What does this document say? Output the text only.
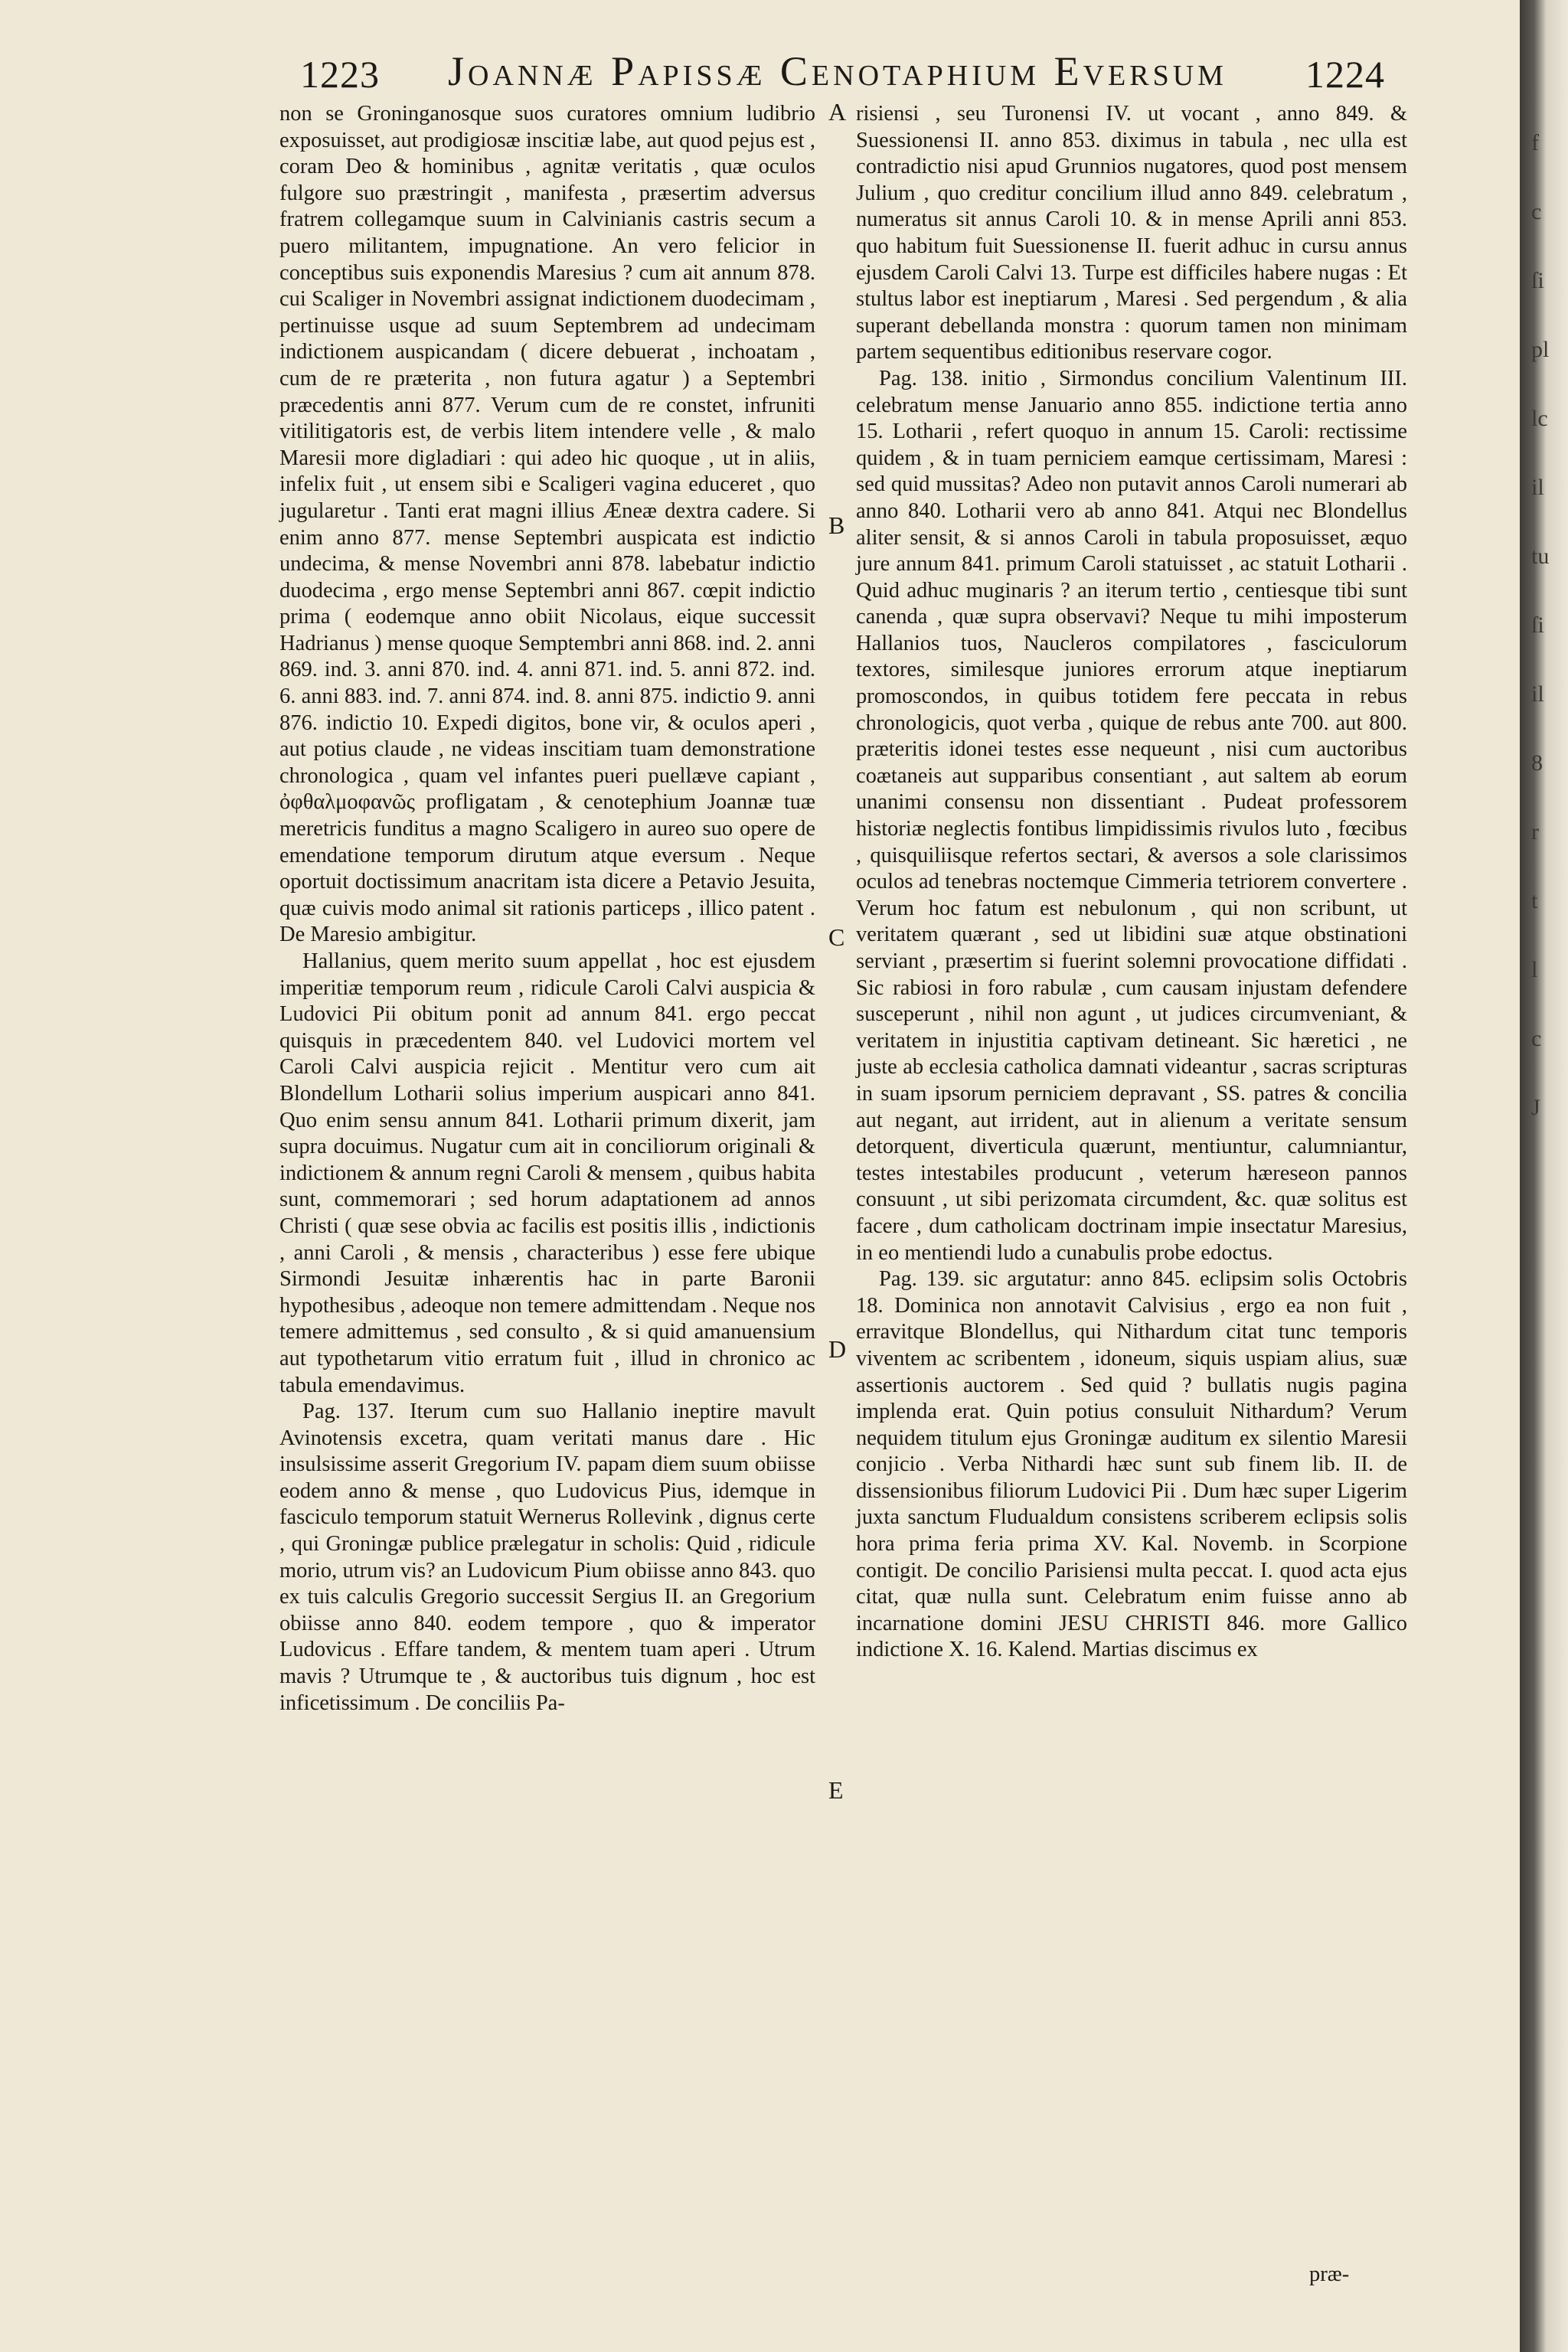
1223 Joannæ Papissæ Cenotaphium Eversum 1224

non se Groninganosque suos curatores omnium ludibrio exposuisset, aut prodigiosæ inscitiæ labe, aut quod pejus est , coram Deo & hominibus , agnitæ veritatis , quæ oculos fulgore suo præstringit , manifesta , præsertim adversus fratrem collegamque suum in Calvinianis castris secum a puero militantem, impugnatione. An vero felicior in conceptibus suis exponendis Maresius ? cum ait annum 878. cui Scaliger in Novembri assignat indictionem duodecimam , pertinuisse usque ad suum Septembrem ad undecimam indictionem auspicandam ( dicere debuerat , inchoatam , cum de re præterita , non futura agatur ) a Septembri præcedentis anni 877. Verum cum de re constet, infruniti vitilitigatoris est, de verbis litem intendere velle , & malo Maresii more digladiari : qui adeo hic quoque , ut in aliis, infelix fuit , ut ensem sibi e Scaligeri vagina educeret , quo jugularetur . Tanti erat magni illius Æneæ dextra cadere. Si enim anno 877. mense Septembri auspicata est indictio undecima, & mense Novembri anni 878. labebatur indictio duodecima , ergo mense Septembri anni 867. cœpit indictio prima ( eodemque anno obiit Nicolaus, eique successit Hadrianus ) mense quoque Semptembri anni 868. ind. 2. anni 869. ind. 3. anni 870. ind. 4. anni 871. ind. 5. anni 872. ind. 6. anni 883. ind. 7. anni 874. ind. 8. anni 875. indictio 9. anni 876. indictio 10. Expedi digitos, bone vir, & oculos aperi , aut potius claude , ne videas inscitiam tuam demonstratione chronologica , quam vel infantes pueri puellæve capiant , ὀφθαλμοφανῶς profligatam , & cenotephium Joannæ tuæ meretricis funditus a magno Scaligero in aureo suo opere de emendatione temporum dirutum atque eversum . Neque oportuit doctissimum anacritam ista dicere a Petavio Jesuita, quæ cuivis modo animal sit rationis particeps , illico patent . De Maresio ambigitur.

Hallanius, quem merito suum appellat , hoc est ejusdem imperitiæ temporum reum , ridicule Caroli Calvi auspicia & Ludovici Pii obitum ponit ad annum 841. ergo peccat quisquis in præcedentem 840. vel Ludovici mortem vel Caroli Calvi auspicia rejicit . Mentitur vero cum ait Blondellum Lotharii solius imperium auspicari anno 841. Quo enim sensu annum 841. Lotharii primum dixerit, jam supra docuimus. Nugatur cum ait in conciliorum originali & indictionem & annum regni Caroli & mensem , quibus habita sunt, commemorari ; sed horum adaptationem ad annos Christi ( quæ sese obvia ac facilis est positis illis , indictionis , anni Caroli , & mensis , characteribus ) esse fere ubique Sirmondi Jesuitæ inhærentis hac in parte Baronii hypothesibus , adeoque non temere admittendam . Neque nos temere admittemus , sed consulto , & si quid amanuensium aut typothetarum vitio erratum fuit , illud in chronico ac tabula emendavimus.

Pag. 137. Iterum cum suo Hallanio ineptire mavult Avinotensis excetra, quam veritati manus dare . Hic insulsissime asserit Gregorium IV. papam diem suum obiisse eodem anno & mense , quo Ludovicus Pius, idemque in fasciculo temporum statuit Wernerus Rollevink , dignus certe , qui Groningæ publice prælegatur in scholis: Quid , ridicule morio, utrum vis? an Ludovicum Pium obiisse anno 843. quo ex tuis calculis Gregorio successit Sergius II. an Gregorium obiisse anno 840. eodem tempore , quo & imperator Ludovicus . Effare tandem, & mentem tuam aperi . Utrum mavis ? Utrumque te , & auctoribus tuis dignum , hoc est inficetissimum . De conciliis Pa-

A
B
C
D
E

risiensi , seu Turonensi IV. ut vocant , anno 849. & Suessionensi II. anno 853. diximus in tabula , nec ulla est contradictio nisi apud Grunnios nugatores, quod post mensem Julium , quo creditur concilium illud anno 849. celebratum , numeratus sit annus Caroli 10. & in mense Aprili anni 853. quo habitum fuit Suessionense II. fuerit adhuc in cursu annus ejusdem Caroli Calvi 13. Turpe est difficiles habere nugas : Et stultus labor est ineptiarum , Maresi . Sed pergendum , & alia superant debellanda monstra : quorum tamen non minimam partem sequentibus editionibus reservare cogor.

Pag. 138. initio , Sirmondus concilium Valentinum III. celebratum mense Januario anno 855. indictione tertia anno 15. Lotharii , refert quoquo in annum 15. Caroli: rectissime quidem , & in tuam perniciem eamque certissimam, Maresi : sed quid mussitas? Adeo non putavit annos Caroli numerari ab anno 840. Lotharii vero ab anno 841. Atqui nec Blondellus aliter sensit, & si annos Caroli in tabula proposuisset, æquo jure annum 841. primum Caroli statuisset , ac statuit Lotharii . Quid adhuc muginaris ? an iterum tertio , centiesque tibi sunt canenda , quæ supra observavi? Neque tu mihi imposterum Hallanios tuos, Naucleros compilatores , fasciculorum textores, similesque juniores errorum atque ineptiarum promoscondos, in quibus totidem fere peccata in rebus chronologicis, quot verba , quique de rebus ante 700. aut 800. præteritis idonei testes esse nequeunt , nisi cum auctoribus coætaneis aut supparibus consentiant , aut saltem ab eorum unanimi consensu non dissentiant . Pudeat professorem historiæ neglectis fontibus limpidissimis rivulos luto , fœcibus , quisquiliisque refertos sectari, & aversos a sole clarissimos oculos ad tenebras noctemque Cimmeria tetriorem convertere . Verum hoc fatum est nebulonum , qui non scribunt, ut veritatem quærant , sed ut libidini suæ atque obstinationi serviant , præsertim si fuerint solemni provocatione diffidati . Sic rabiosi in foro rabulæ , cum causam injustam defendere susceperunt , nihil non agunt , ut judices circumveniant, & veritatem in injustitia captivam detineant. Sic hæretici , ne juste ab ecclesia catholica damnati videantur , sacras scripturas in suam ipsorum perniciem depravant , SS. patres & concilia aut negant, aut irrident, aut in alienum a veritate sensum detorquent, diverticula quærunt, mentiuntur, calumniantur, testes intestabiles producunt , veterum hæreseon pannos consuunt , ut sibi perizomata circumdent, &c. quæ solitus est facere , dum catholicam doctrinam impie insectatur Maresius, in eo mentiendi ludo a cunabulis probe edoctus.

Pag. 139. sic argutatur: anno 845. eclipsim solis Octobris 18. Dominica non annotavit Calvisius , ergo ea non fuit , erravitque Blondellus, qui Nithardum citat tunc temporis viventem ac scribentem , idoneum, siquis uspiam alius, suæ assertionis auctorem . Sed quid ? bullatis nugis pagina implenda erat. Quin potius consuluit Nithardum? Verum nequidem titulum ejus Groningæ auditum ex silentio Maresii conjicio . Verba Nithardi hæc sunt sub finem lib. II. de dissensionibus filiorum Ludovici Pii . Dum hæc super Ligerim juxta sanctum Fludualdum consistens scriberem eclipsis solis hora prima feria prima XV. Kal. Novemb. in Scorpione contigit. De concilio Parisiensi multa peccat. I. quod acta ejus citat, quæ nulla sunt. Celebratum enim fuisse anno ab incarnatione domini JESU CHRISTI 846. more Gallico indictione X. 16. Kalend. Martias discimus ex

præ-
f
c
ſi
pl
lc
il
tu
ſi
il
8
r
t
l
c
J
